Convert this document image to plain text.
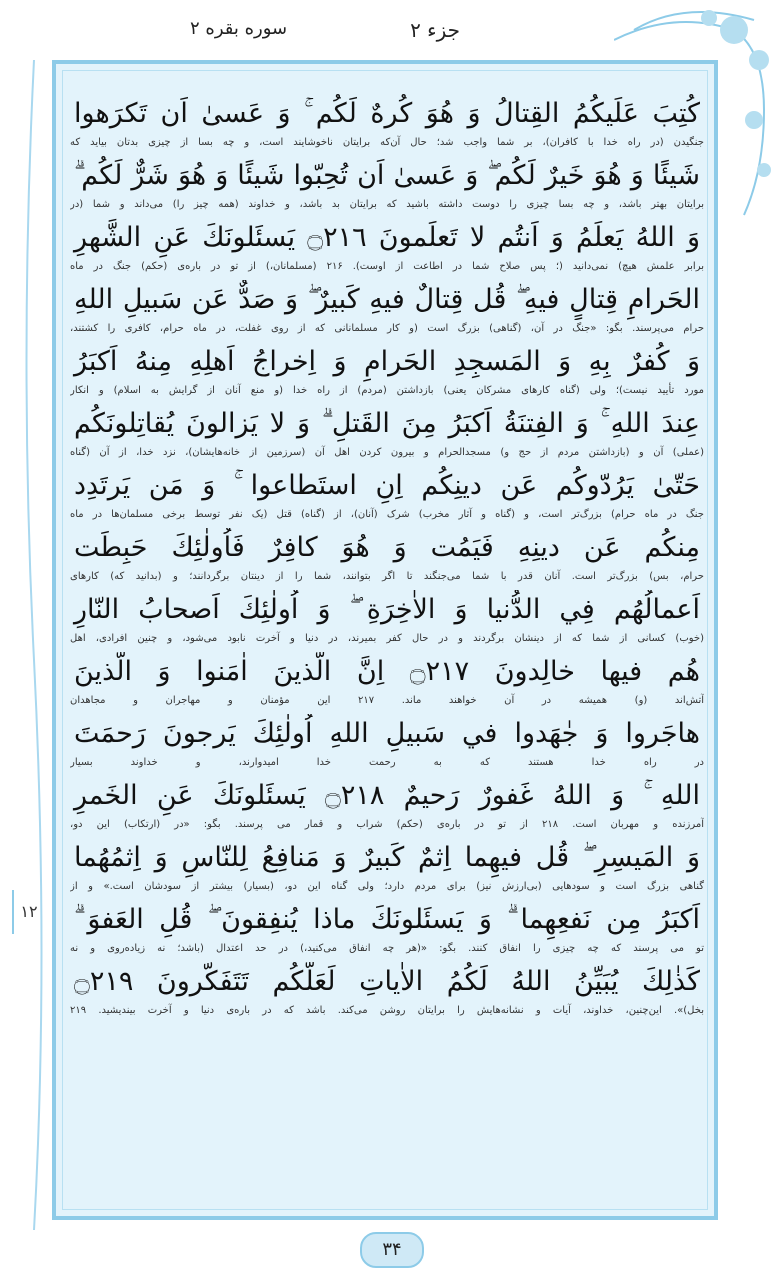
جزء ۲
سوره بقره ۲
كُتِبَ عَلَيكُمُ القِتالُ وَ هُوَ كُرهٌ لَكُم ۚ وَ عَسىٰ اَن تَكرَهوا
جنگیدن (در راه خدا با کافران)، بر شما واجب شد؛ حال آن‌که برایتان ناخوشایند است، و چه بسا از چیزی بدتان بیاید که
شَيئًا وَ هُوَ خَيرٌ لَكُم ۖ وَ عَسىٰ اَن تُحِبّوا شَيئًا وَ هُوَ شَرٌّ لَكُم ۗ
برایتان بهتر باشد، و چه بسا چیزی را دوست داشته باشید که برایتان بد باشد، و خداوند (همه چیز را) می‌داند و شما (در
وَ اللهُ يَعلَمُ وَ اَنتُم لا تَعلَمونَ ۝٢١٦ يَسئَلونَكَ عَنِ الشَّهرِ
برابر علمش هیچ) نمی‌دانید (؛ پس صلاح شما در اطاعت از اوست). ۲۱۶ (مسلمانان،) از تو در باره‌ی (حکم) جنگ در ماه
الحَرامِ قِتالٍ فيهِ ۖ قُل قِتالٌ فيهِ كَبيرٌ ۖ وَ صَدٌّ عَن سَبيلِ اللهِ
حرام می‌پرسند. بگو: «جنگ در آن، (گناهی) بزرگ است (و کار مسلمانانی که از روی غفلت، در ماه حرام، کافری را کشتند،
وَ كُفرٌ بِهِ وَ المَسجِدِ الحَرامِ وَ اِخراجُ اَهلِهِ مِنهُ اَكبَرُ
مورد تأیید نیست)؛ ولی (گناه کارهای مشرکان یعنی) بازداشتن (مردم) از راه خدا (و منع آنان از گرایش به اسلام) و انکار
عِندَ اللهِ ۚ وَ الفِتنَةُ اَكبَرُ مِنَ القَتلِ ۗ وَ لا يَزالونَ يُقاتِلونَكُم
(عملی) آن و (بازداشتن مردم از حج و) مسجدالحرام و بیرون کردن اهل آن (سرزمین از خانه‌هایشان)، نزد خدا، از آن (گناه
حَتّىٰ يَرُدّوكُم عَن دينِكُم اِنِ استَطاعوا ۚ وَ مَن يَرتَدِد
جنگ در ماه حرام) بزرگ‌تر است، و (گناه و آثار مخرب) شرک (آنان)، از (گناه) قتل (یک نفر توسط برخی مسلمان‌ها در ماه
مِنكُم عَن دينِهِ فَيَمُت وَ هُوَ كافِرٌ فَاُولٰئِكَ حَبِطَت
حرام، بس) بزرگ‌تر است. آنان قدر با شما می‌جنگند تا اگر بتوانند، شما را از دینتان برگردانند؛ و (بدانید که) کارهای
اَعمالُهُم فِي الدُّنيا وَ الاٰخِرَةِ ۖ وَ اُولٰئِكَ اَصحابُ النّارِ
(خوب) کسانی از شما که از دینشان برگردند و در حال کفر بمیرند، در دنیا و آخرت نابود می‌شود، و چنین افرادی، اهل
هُم فيها خالِدونَ ۝٢١٧ اِنَّ الَّذينَ اٰمَنوا وَ الَّذينَ
آتش‌اند (و) همیشه در آن خواهند ماند. ۲۱۷ این مؤمنان و مهاجران و مجاهدان
هاجَروا وَ جٰهَدوا في سَبيلِ اللهِ اُولٰئِكَ يَرجونَ رَحمَتَ
در راه خدا هستند که به رحمت خدا امیدوارند، و خداوند بسیار
اللهِ ۚ وَ اللهُ غَفورٌ رَحيمٌ ۝٢١٨ يَسئَلونَكَ عَنِ الخَمرِ
آمرزنده و مهربان است. ۲۱۸ از تو در باره‌ی (حکم) شراب و قمار می پرسند. بگو: «در (ارتکاب) این دو،
وَ المَيسِرِ ۖ قُل فيهِما اِثمٌ كَبيرٌ وَ مَنافِعُ لِلنّاسِ وَ اِثمُهُما
گناهی بزرگ است و سودهایی (بی‌ارزش نیز) برای مردم دارد؛ ولی گناه این دو، (بسیار) بیشتر از سودشان است.» و از
اَكبَرُ مِن نَفعِهِما ۗ وَ يَسئَلونَكَ ماذا يُنفِقونَ ۖ قُلِ العَفوَ ۗ
تو می پرسند که چه چیزی را انفاق کنند. بگو: «(هر چه انفاق می‌کنید،) در حد اعتدال (باشد؛ نه زیاده‌روی و نه
كَذٰلِكَ يُبَيِّنُ اللهُ لَكُمُ الاٰياتِ لَعَلَّكُم تَتَفَكَّرونَ ۝٢١٩
بخل)». این‌چنین، خداوند، آیات و نشانه‌هایش را برایتان روشن می‌کند. باشد که در باره‌ی دنیا و آخرت بیندیشید. ۲۱۹
۱۲
۳۴
